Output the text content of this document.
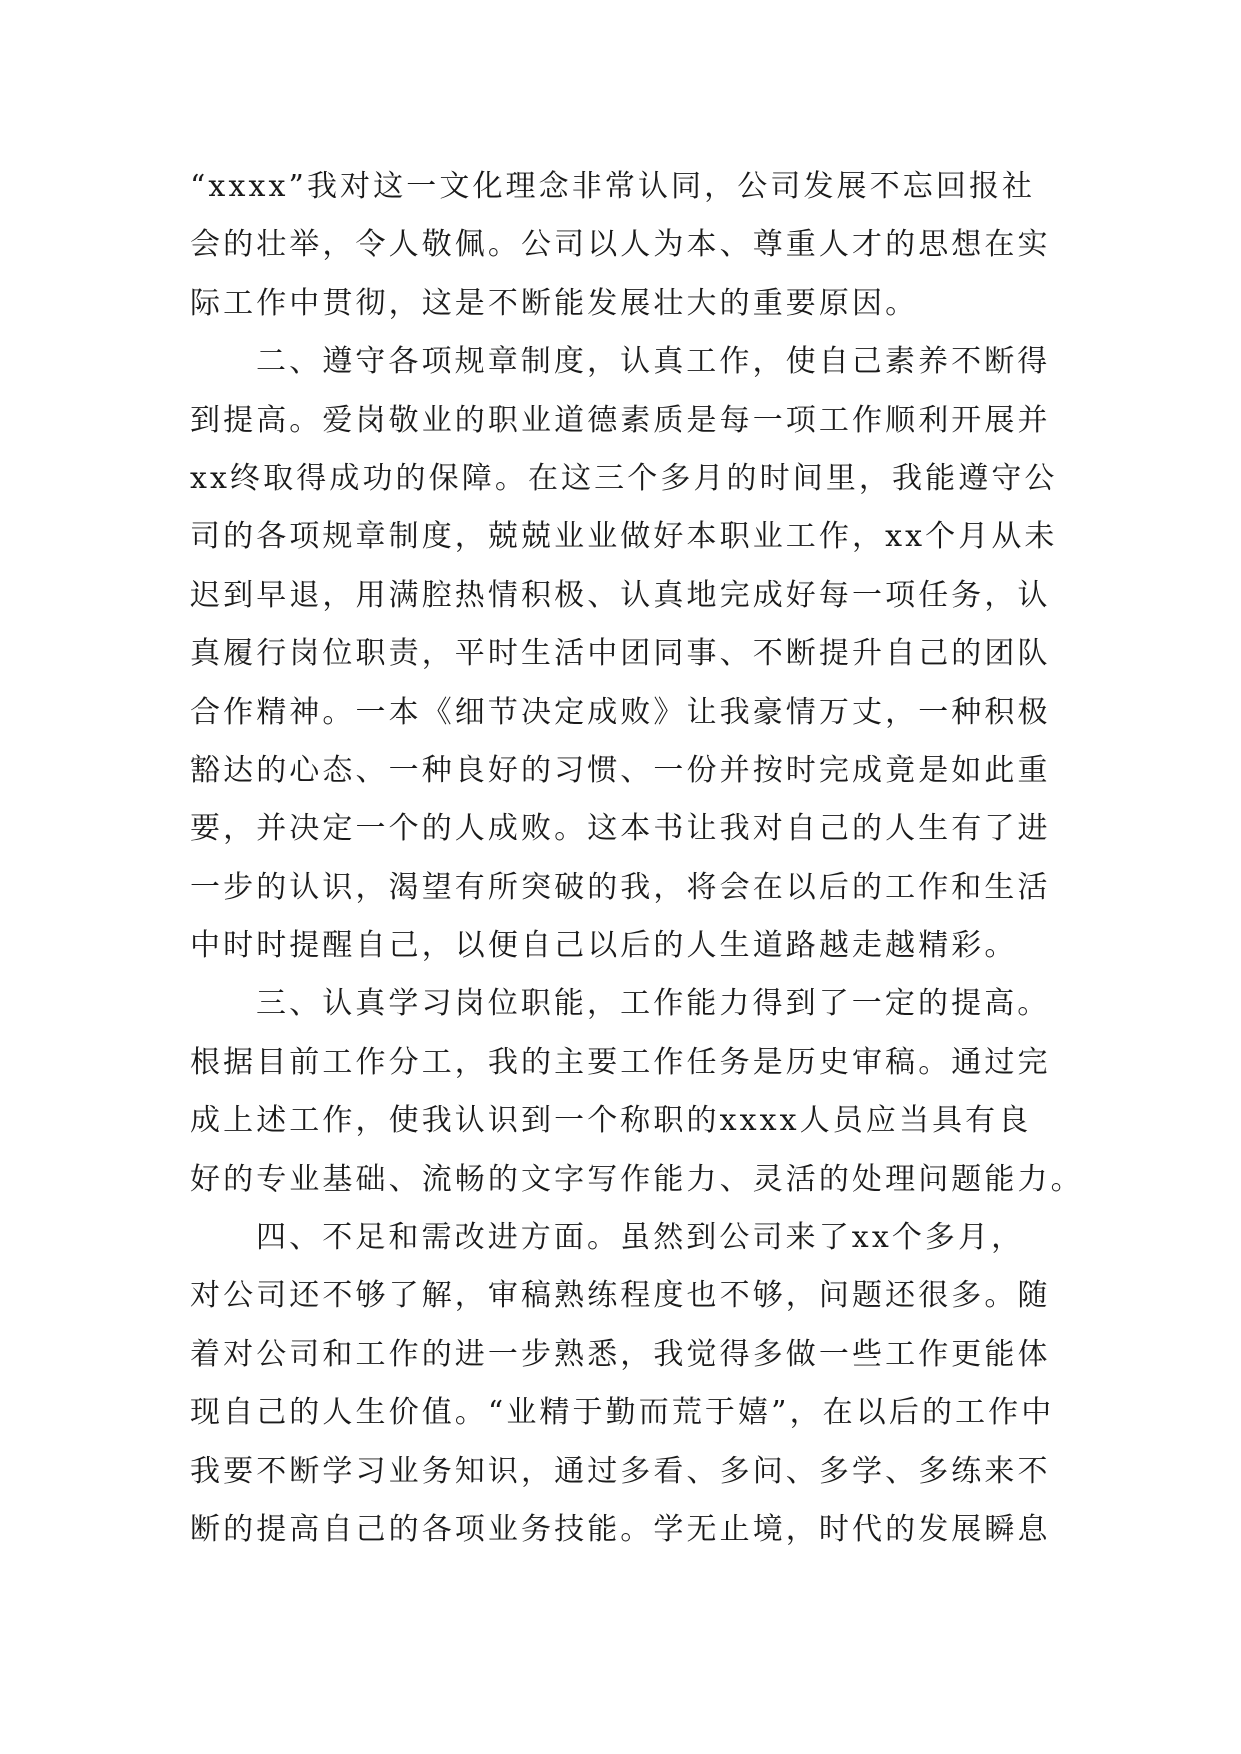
“xxxx”我对这一文化理念非常认同，公司发展不忘回报社
会的壮举，令人敬佩。公司以人为本、尊重人才的思想在实
际工作中贯彻，这是不断能发展壮大的重要原因。
二、遵守各项规章制度，认真工作，使自己素养不断得
到提高。爱岗敬业的职业道德素质是每一项工作顺利开展并
xx终取得成功的保障。在这三个多月的时间里，我能遵守公
司的各项规章制度，兢兢业业做好本职业工作，xx个月从未
迟到早退，用满腔热情积极、认真地完成好每一项任务，认
真履行岗位职责，平时生活中团同事、不断提升自己的团队
合作精神。一本《细节决定成败》让我豪情万丈，一种积极
豁达的心态、一种良好的习惯、一份并按时完成竟是如此重
要，并决定一个的人成败。这本书让我对自己的人生有了进
一步的认识，渴望有所突破的我，将会在以后的工作和生活
中时时提醒自己，以便自己以后的人生道路越走越精彩。
三、认真学习岗位职能，工作能力得到了一定的提高。
根据目前工作分工，我的主要工作任务是历史审稿。通过完
成上述工作，使我认识到一个称职的xxxx人员应当具有良
好的专业基础、流畅的文字写作能力、灵活的处理问题能力。
四、不足和需改进方面。虽然到公司来了xx个多月，
对公司还不够了解，审稿熟练程度也不够，问题还很多。随
着对公司和工作的进一步熟悉，我觉得多做一些工作更能体
现自己的人生价值。“业精于勤而荒于嬉”，在以后的工作中
我要不断学习业务知识，通过多看、多问、多学、多练来不
断的提高自己的各项业务技能。学无止境，时代的发展瞬息
